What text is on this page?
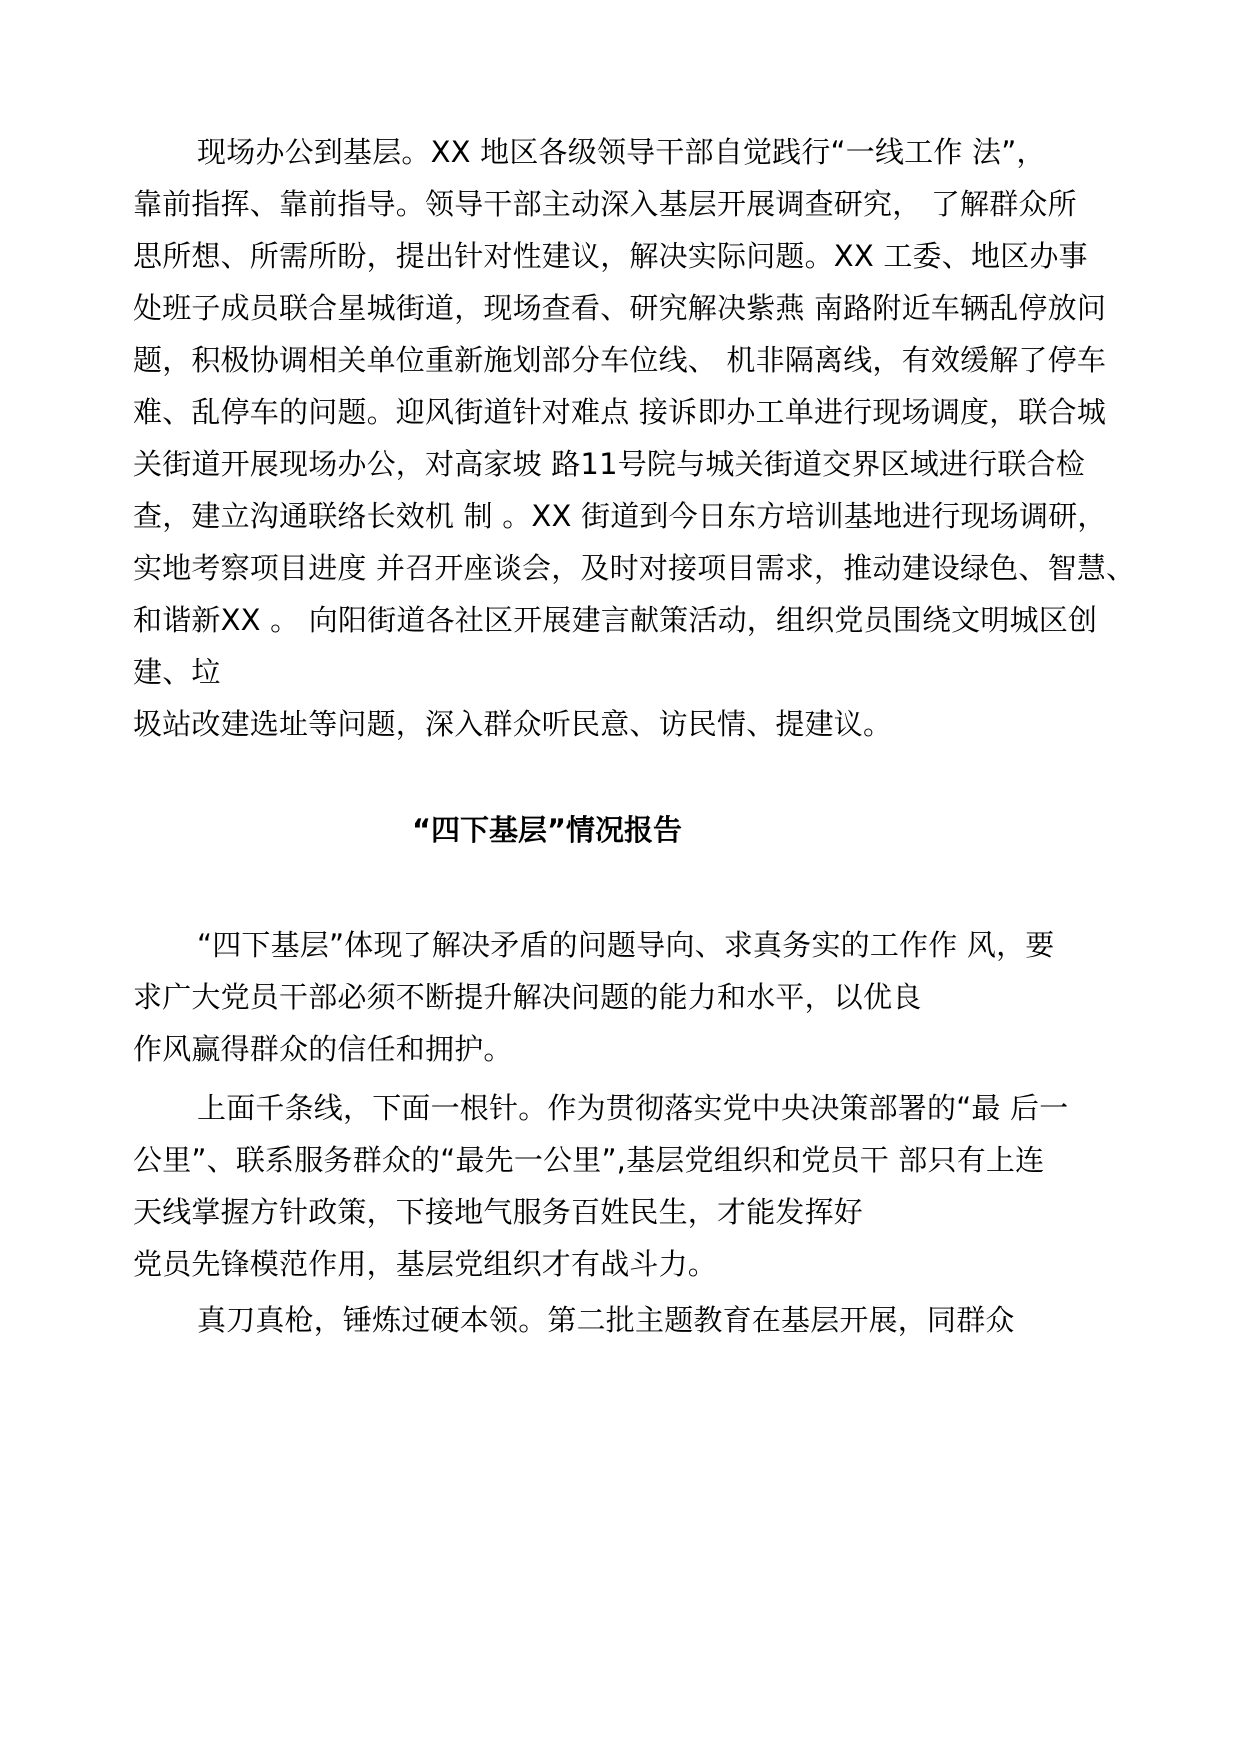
现场办公到基层。XX 地区各级领导干部自觉践行“一线工作 法”，
靠前指挥、靠前指导。领导干部主动深入基层开展调查研究， 了解群众所
思所想、所需所盼，提出针对性建议，解决实际问题。XX 工委、地区办事
处班子成员联合星城街道，现场查看、研究解决紫燕 南路附近车辆乱停放问
题，积极协调相关单位重新施划部分车位线、 机非隔离线，有效缓解了停车
难、乱停车的问题。迎风街道针对难点 接诉即办工单进行现场调度，联合城
关街道开展现场办公，对高家坡 路11号院与城关街道交界区域进行联合检
查，建立沟通联络长效机 制 。XX 街道到今日东方培训基地进行现场调研，
实地考察项目进度 并召开座谈会，及时对接项目需求，推动建设绿色、智慧、
和谐新XX 。 向阳街道各社区开展建言献策活动，组织党员围绕文明城区创
建、垃
圾站改建选址等问题，深入群众听民意、访民情、提建议。
“四下基层”情况报告
“四下基层”体现了解决矛盾的问题导向、求真务实的工作作 风，要
求广大党员干部必须不断提升解决问题的能力和水平，以优良
作风赢得群众的信任和拥护。
上面千条线，下面一根针。作为贯彻落实党中央决策部署的“最 后一
公里”、联系服务群众的“最先一公里”,基层党组织和党员干 部只有上连
天线掌握方针政策，下接地气服务百姓民生，才能发挥好
党员先锋模范作用，基层党组织才有战斗力。
真刀真枪，锤炼过硬本领。第二批主题教育在基层开展，同群众
